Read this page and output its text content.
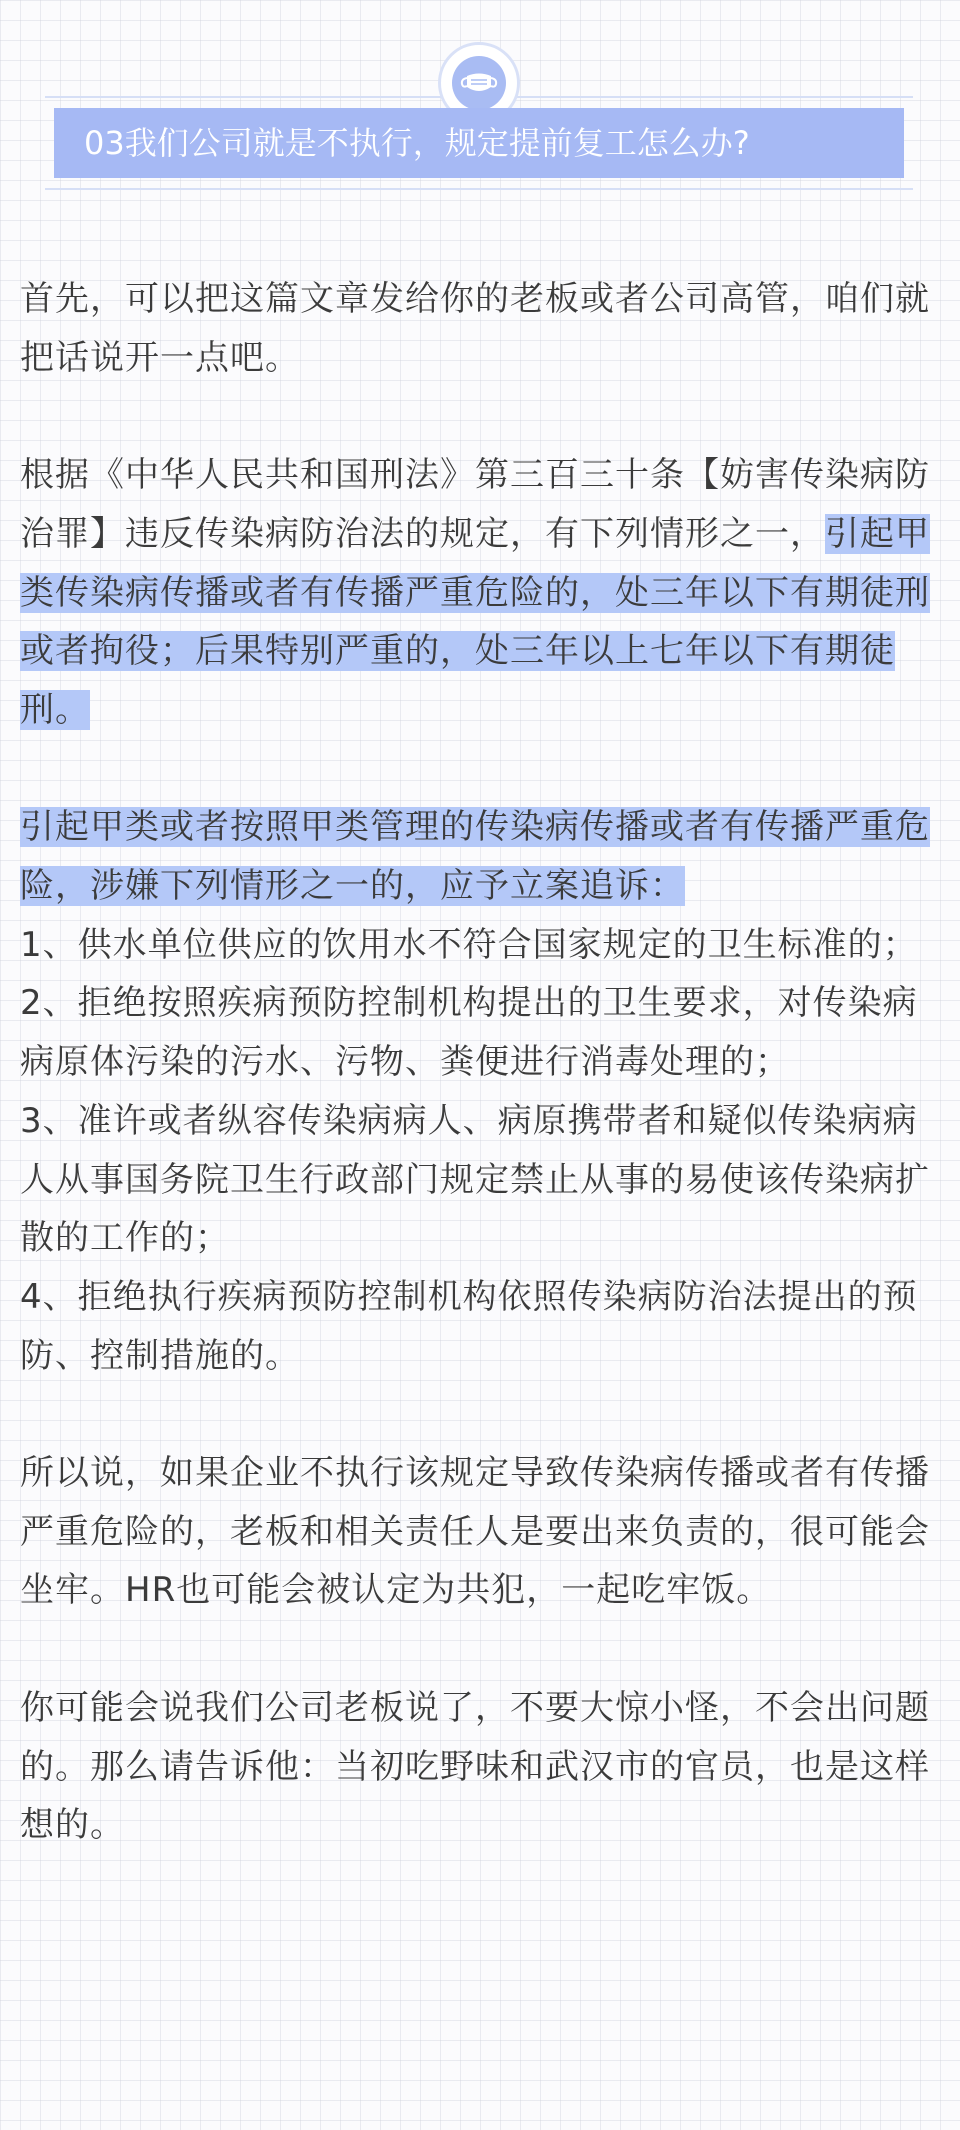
03我们公司就是不执行，规定提前复工怎么办?

首先，可以把这篇文章发给你的老板或者公司高管，咱们就把话说开一点吧。

根据《中华人民共和国刑法》第三百三十条【妨害传染病防治罪】违反传染病防治法的规定，有下列情形之一，引起甲类传染病传播或者有传播严重危险的，处三年以下有期徒刑或者拘役；后果特别严重的，处三年以上七年以下有期徒刑。

引起甲类或者按照甲类管理的传染病传播或者有传播严重危险，涉嫌下列情形之一的，应予立案追诉：

1、供水单位供应的饮用水不符合国家规定的卫生标准的；

2、拒绝按照疾病预防控制机构提出的卫生要求，对传染病病原体污染的污水、污物、粪便进行消毒处理的；

3、准许或者纵容传染病病人、病原携带者和疑似传染病病人从事国务院卫生行政部门规定禁止从事的易使该传染病扩散的工作的；

4、拒绝执行疾病预防控制机构依照传染病防治法提出的预防、控制措施的。

所以说，如果企业不执行该规定导致传染病传播或者有传播严重危险的，老板和相关责任人是要出来负责的，很可能会坐牢。HR也可能会被认定为共犯，一起吃牢饭。

你可能会说我们公司老板说了，不要大惊小怪，不会出问题的。那么请告诉他：当初吃野味和武汉市的官员，也是这样想的。
